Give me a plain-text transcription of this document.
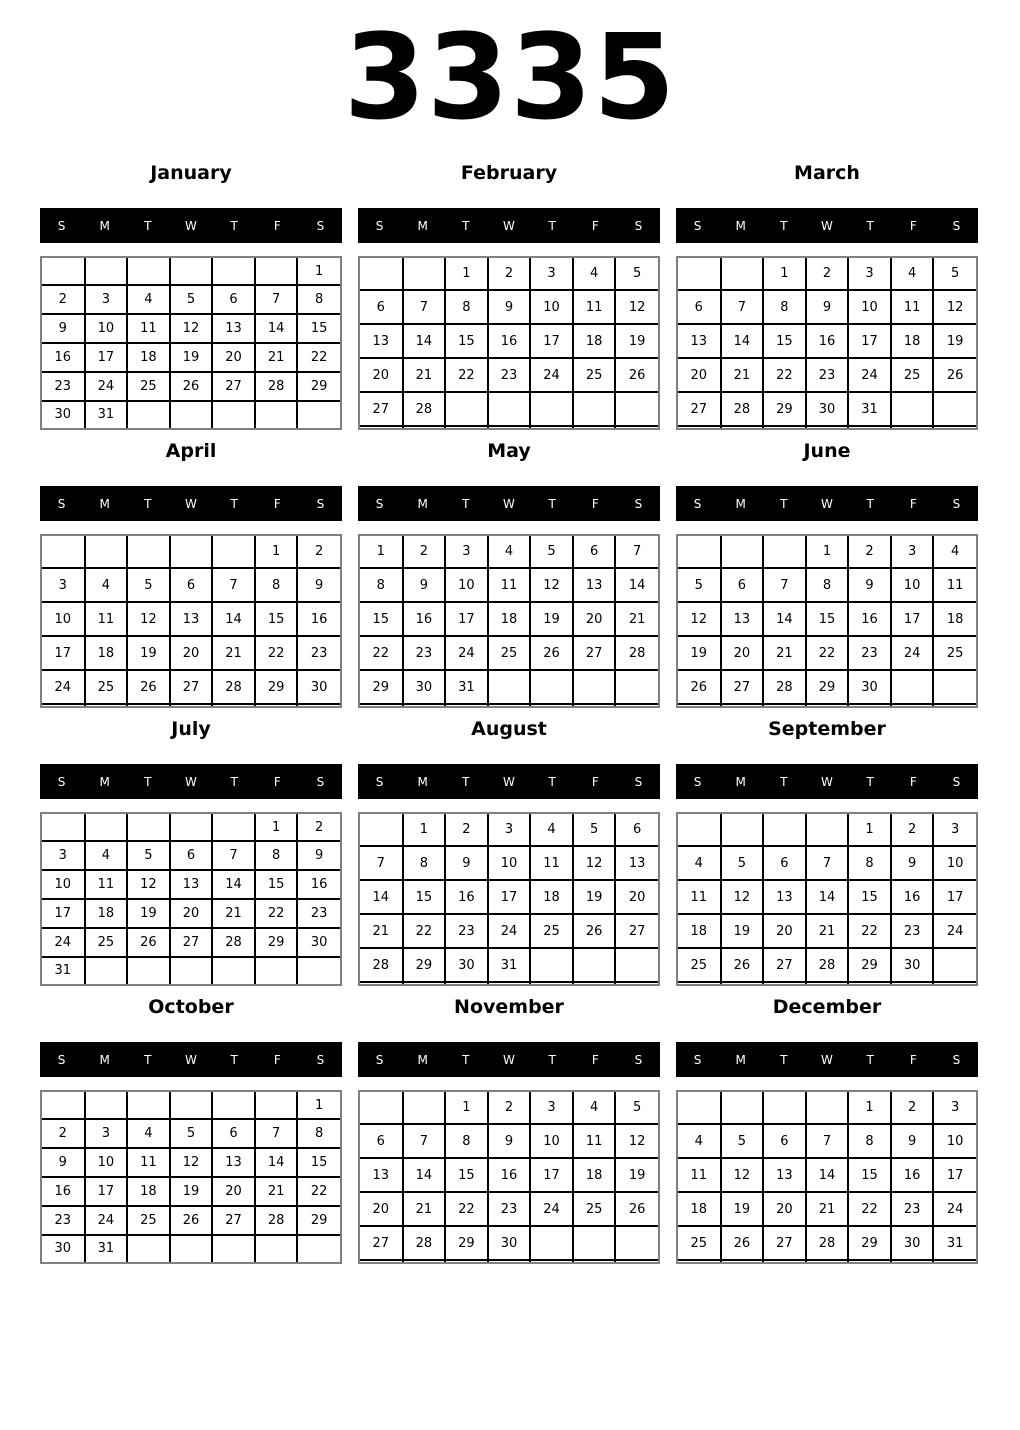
3335
January
S	M	T	W	T	F	S
						1
2	3	4	5	6	7	8
9	10	11	12	13	14	15
16	17	18	19	20	21	22
23	24	25	26	27	28	29
30	31					
February
S	M	T	W	T	F	S
		1	2	3	4	5
6	7	8	9	10	11	12
13	14	15	16	17	18	19
20	21	22	23	24	25	26
27	28					

March
S	M	T	W	T	F	S
		1	2	3	4	5
6	7	8	9	10	11	12
13	14	15	16	17	18	19
20	21	22	23	24	25	26
27	28	29	30	31		

April
S	M	T	W	T	F	S
					1	2
3	4	5	6	7	8	9
10	11	12	13	14	15	16
17	18	19	20	21	22	23
24	25	26	27	28	29	30

May
S	M	T	W	T	F	S
1	2	3	4	5	6	7
8	9	10	11	12	13	14
15	16	17	18	19	20	21
22	23	24	25	26	27	28
29	30	31				

June
S	M	T	W	T	F	S
			1	2	3	4
5	6	7	8	9	10	11
12	13	14	15	16	17	18
19	20	21	22	23	24	25
26	27	28	29	30		

July
S	M	T	W	T	F	S
					1	2
3	4	5	6	7	8	9
10	11	12	13	14	15	16
17	18	19	20	21	22	23
24	25	26	27	28	29	30
31						
August
S	M	T	W	T	F	S
	1	2	3	4	5	6
7	8	9	10	11	12	13
14	15	16	17	18	19	20
21	22	23	24	25	26	27
28	29	30	31			

September
S	M	T	W	T	F	S
				1	2	3
4	5	6	7	8	9	10
11	12	13	14	15	16	17
18	19	20	21	22	23	24
25	26	27	28	29	30	

October
S	M	T	W	T	F	S
						1
2	3	4	5	6	7	8
9	10	11	12	13	14	15
16	17	18	19	20	21	22
23	24	25	26	27	28	29
30	31					
November
S	M	T	W	T	F	S
		1	2	3	4	5
6	7	8	9	10	11	12
13	14	15	16	17	18	19
20	21	22	23	24	25	26
27	28	29	30			

December
S	M	T	W	T	F	S
				1	2	3
4	5	6	7	8	9	10
11	12	13	14	15	16	17
18	19	20	21	22	23	24
25	26	27	28	29	30	31
